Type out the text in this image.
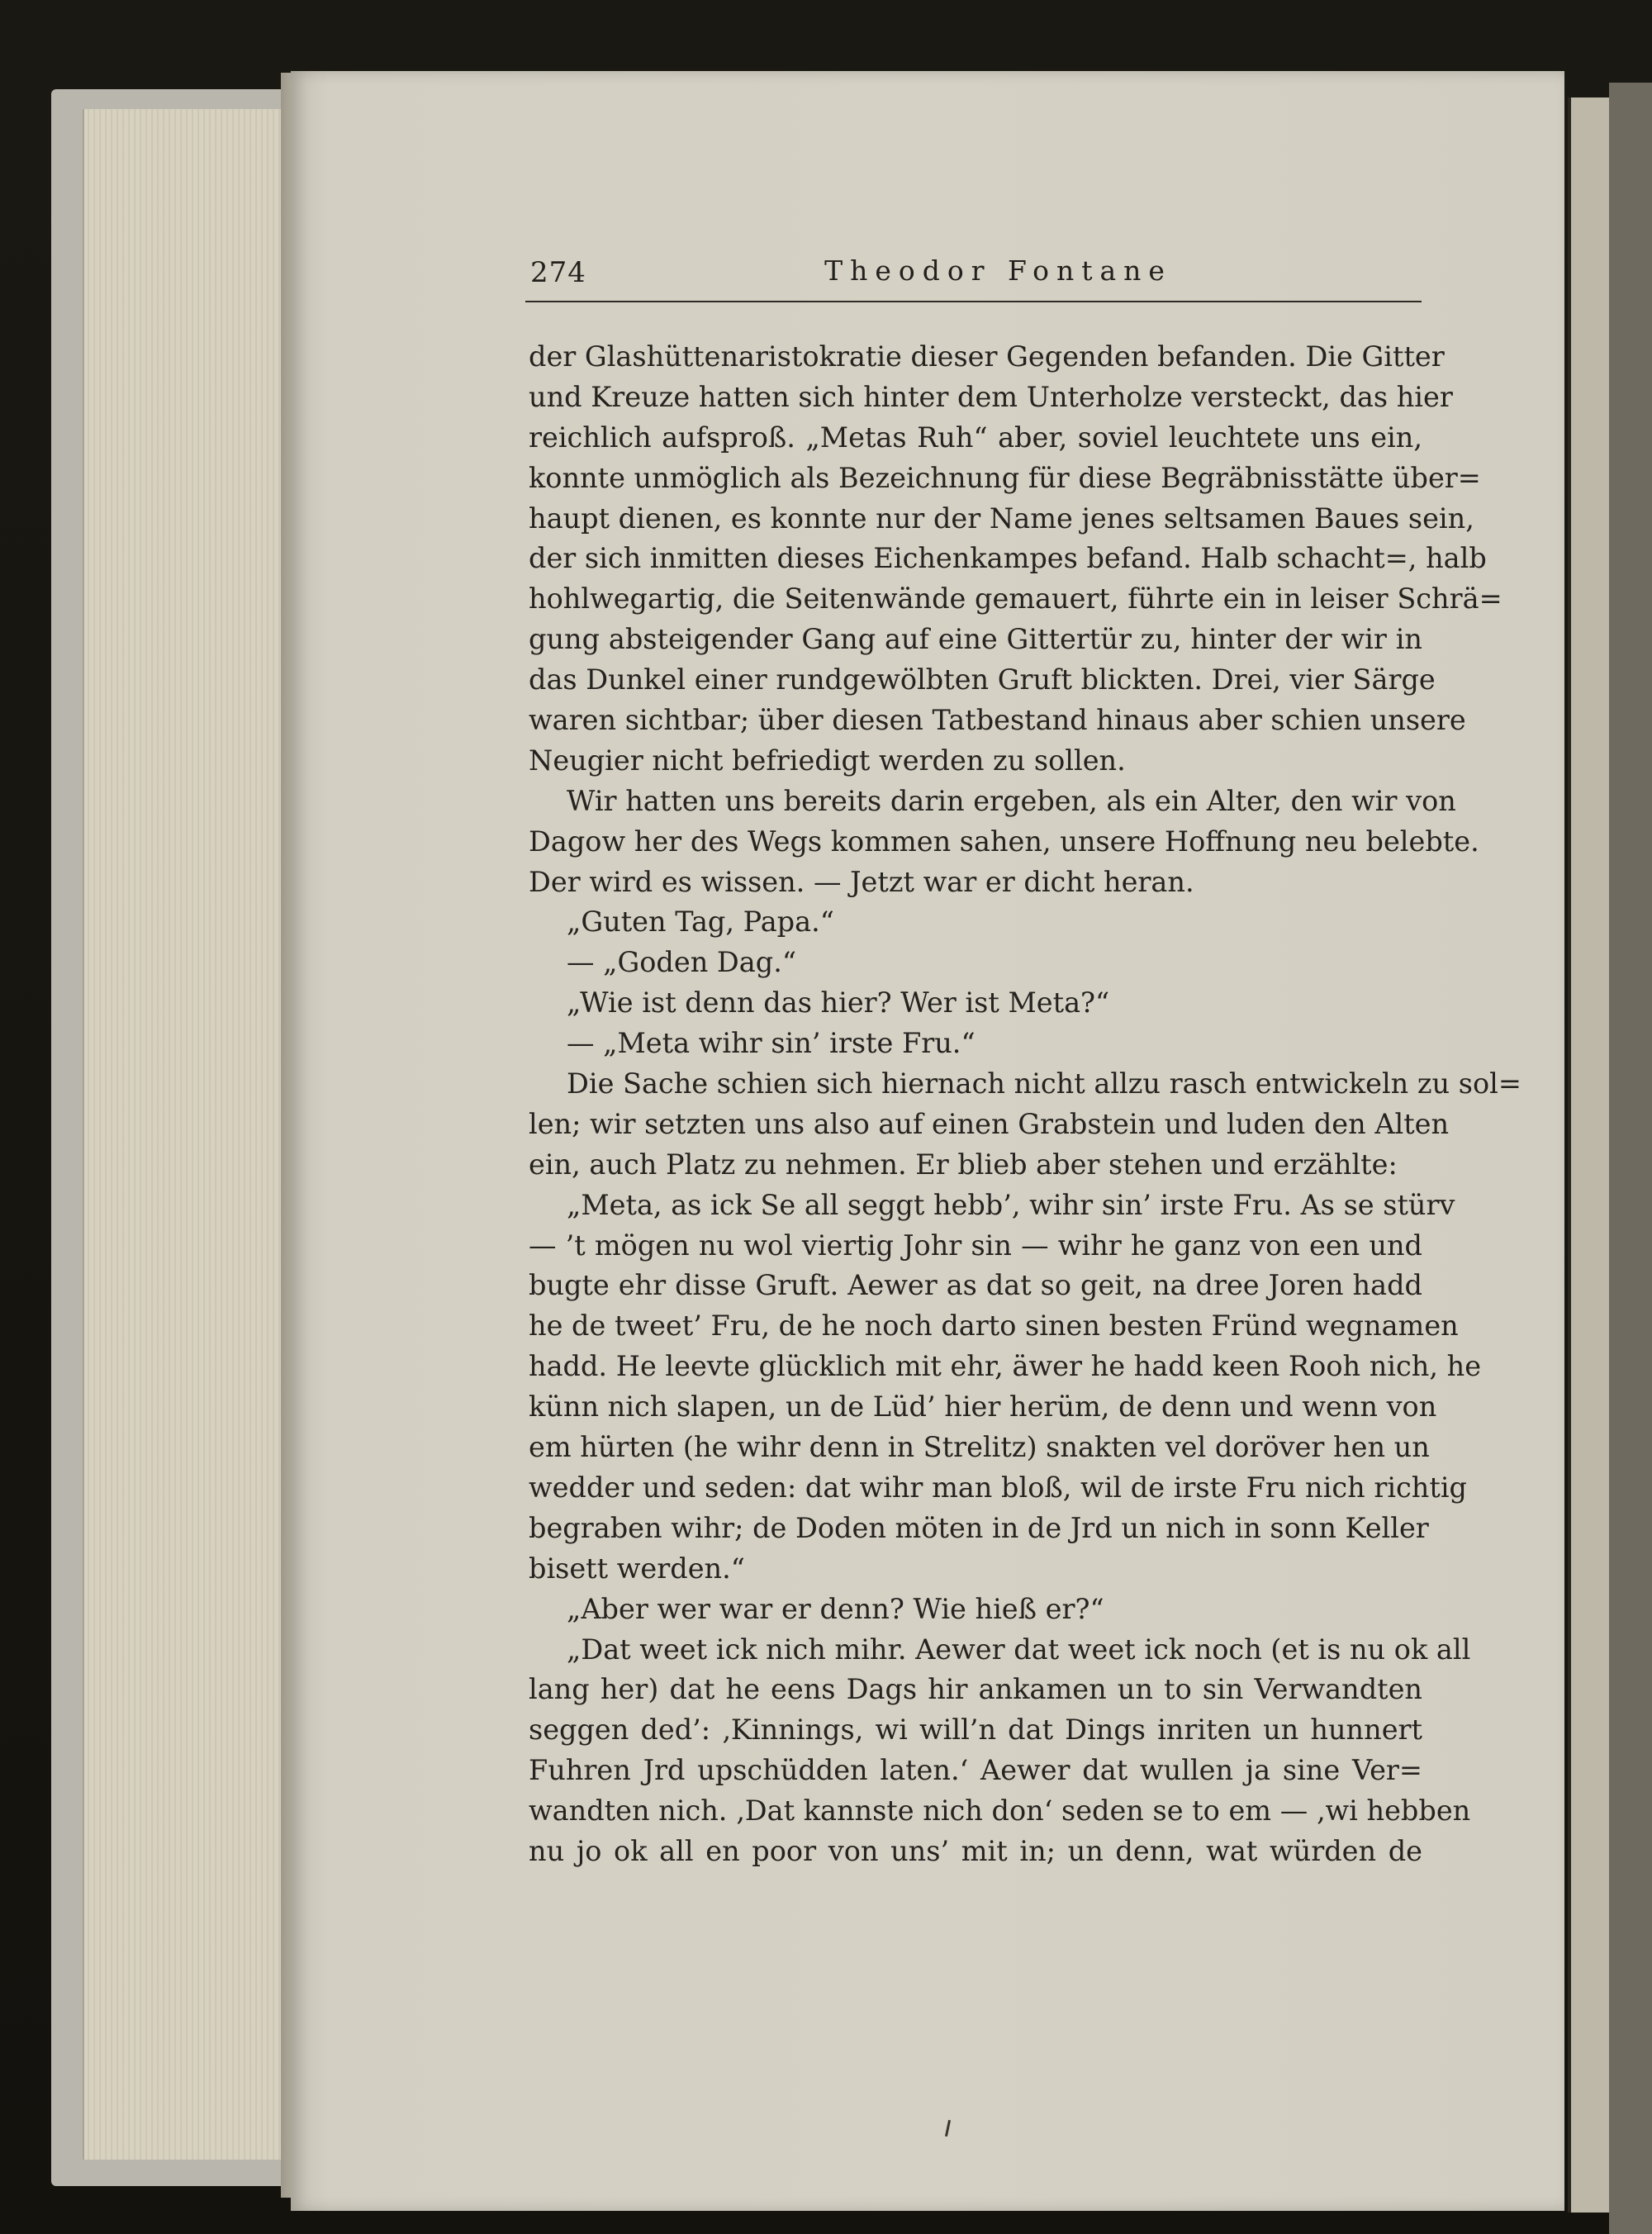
274	Theodor Fontane
der Glashüttenaristokratie dieser Gegenden befanden. Die Gitter
und Kreuze hatten sich hinter dem Unterholze versteckt, das hier
reichlich aufsproß. „Metas Ruh“ aber, soviel leuchtete uns ein,
konnte unmöglich als Bezeichnung für diese Begräbnisstätte über=
haupt dienen, es konnte nur der Name jenes seltsamen Baues sein,
der sich inmitten dieses Eichenkampes befand. Halb schacht=, halb
hohlwegartig, die Seitenwände gemauert, führte ein in leiser Schrä=
gung absteigender Gang auf eine Gittertür zu, hinter der wir in
das Dunkel einer rundgewölbten Gruft blickten. Drei, vier Särge
waren sichtbar; über diesen Tatbestand hinaus aber schien unsere
Neugier nicht befriedigt werden zu sollen.
Wir hatten uns bereits darin ergeben, als ein Alter, den wir von
Dagow her des Wegs kommen sahen, unsere Hoffnung neu belebte.
Der wird es wissen. — Jetzt war er dicht heran.
„Guten Tag, Papa.“
— „Goden Dag.“
„Wie ist denn das hier? Wer ist Meta?“
— „Meta wihr sin’ irste Fru.“
Die Sache schien sich hiernach nicht allzu rasch entwickeln zu sol=
len; wir setzten uns also auf einen Grabstein und luden den Alten
ein, auch Platz zu nehmen. Er blieb aber stehen und erzählte:
„Meta, as ick Se all seggt hebb’, wihr sin’ irste Fru. As se stürv
— ’t mögen nu wol viertig Johr sin — wihr he ganz von een und
bugte ehr disse Gruft. Aewer as dat so geit, na dree Joren hadd
he de tweet’ Fru, de he noch darto sinen besten Fründ wegnamen
hadd. He leevte glücklich mit ehr, äwer he hadd keen Rooh nich, he
künn nich slapen, un de Lüd’ hier herüm, de denn und wenn von
em hürten (he wihr denn in Strelitz) snakten vel doröver hen un
wedder und seden: dat wihr man bloß, wil de irste Fru nich richtig
begraben wihr; de Doden möten in de Jrd un nich in sonn Keller
bisett werden.“
„Aber wer war er denn? Wie hieß er?“
„Dat weet ick nich mihr. Aewer dat weet ick noch (et is nu ok all
lang her) dat he eens Dags hir ankamen un to sin Verwandten
seggen ded’: ‚Kinnings, wi will’n dat Dings inriten un hunnert
Fuhren Jrd upschüdden laten.‘ Aewer dat wullen ja sine Ver=
wandten nich. ‚Dat kannste nich don‘ seden se to em — ‚wi hebben
nu jo ok all en poor von uns’ mit in; un denn, wat würden de
